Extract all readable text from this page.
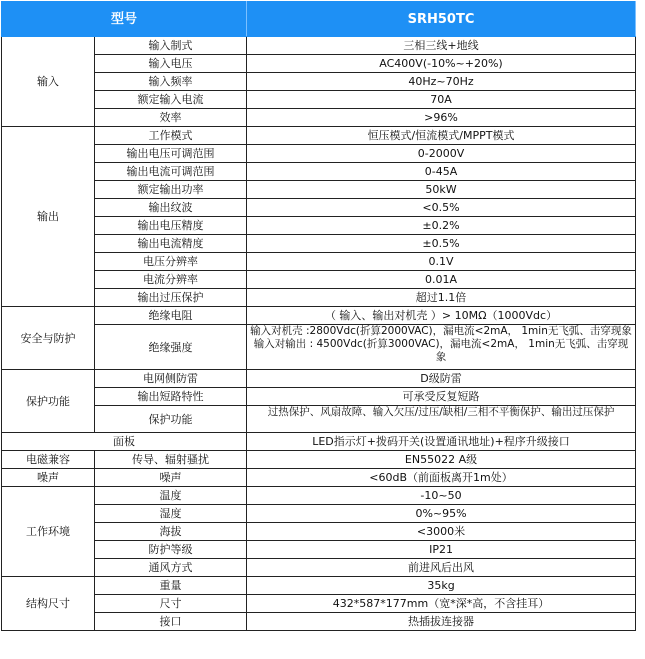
型号		SRH50TC
输入	输入制式	三相三线+地线
	输入电压	AC400V(-10%~+20%)
	输入频率	40Hz~70Hz
	额定输入电流	70A
	效率	>96%
输出	工作模式	恒压模式/恒流模式/MPPT模式
	输出电压可调范围	0-2000V
	输出电流可调范围	0-45A
	额定输出功率	50kW
	输出纹波	<0.5%
	输出电压精度	±0.2%
	输出电流精度	±0.5%
	电压分辨率	0.1V
	电流分辨率	0.01A
	输出过压保护	超过1.1倍
安全与防护	绝缘电阻	（ 输入、输出对机壳 ）> 10MΩ（1000Vdc）
	绝缘强度	输入对机壳 :2800Vdc(折算2000VAC)，漏电流<2mA， 1min无飞弧、击穿现象 输入对输出 : 4500Vdc(折算3000VAC)，漏电流<2mA， 1min无飞弧、击穿现象

保护功能	电网侧防雷	D级防雷
	输出短路特性	可承受反复短路
	保护功能	过热保护、风扇故障、输入欠压/过压/缺相/三相不平衡保护、输出过压保护

面板		LED指示灯+拨码开关(设置通讯地址)+程序升级接口
电磁兼容	传导、辐射骚扰	EN55022 A级
噪声	噪声	<60dB（前面板离开1m处）
工作环境	温度	-10~50
	湿度	0%~95%
	海拔	<3000米
	防护等级	IP21
	通风方式	前进风后出风
结构尺寸	重量	35kg
	尺寸	432*587*177mm（宽*深*高，不含挂耳）
	接口	热插拔连接器
